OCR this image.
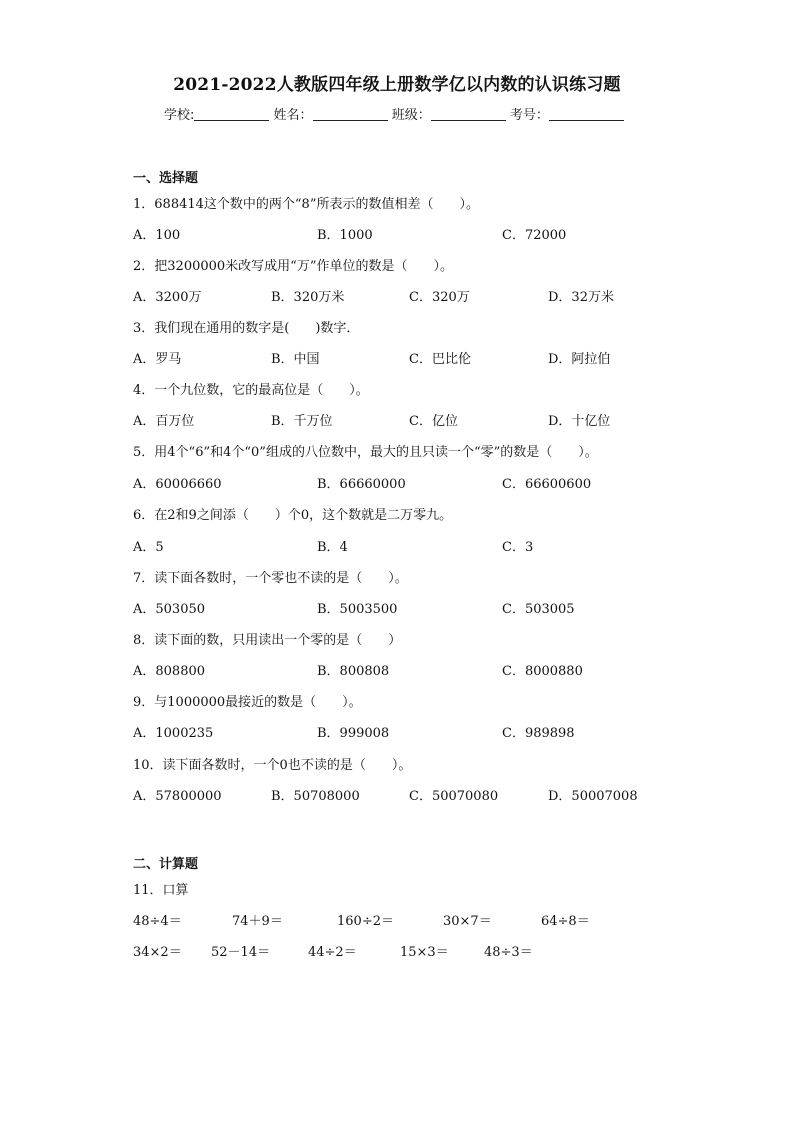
2021-2022人教版四年级上册数学亿以内数的认识练习题
学校:	姓名：	班级：	考号：
一、选择题
1．688414这个数中的两个“8”所表示的数值相差（　　）。
A．100	B．1000	C．72000
2．把3200000米改写成用“万”作单位的数是（　　）。
A．3200万	B．320万米	C．320万	D．32万米
3．我们现在通用的数字是(　　)数字．
A．罗马	B．中国	C．巴比伦	D．阿拉伯
4．一个九位数，它的最高位是（　　）。
A．百万位	B．千万位	C．亿位	D．十亿位
5．用4个“6”和4个“0”组成的八位数中，最大的且只读一个“零”的数是（　　）。
A．60006660	B．66660000	C．66600600
6．在2和9之间添（　　）个0，这个数就是二万零九。
A．5	B．4	C．3
7．读下面各数时，一个零也不读的是（　　）。
A．503050	B．5003500	C．503005
8．读下面的数，只用读出一个零的是（　　）
A．808800	B．800808	C．8000880
9．与1000000最接近的数是（　　）。
A．1000235	B．999008	C．989898
10．读下面各数时，一个0也不读的是（　　）。
A．57800000	B．50708000	C．50070080	D．50007008
二、计算题
11．口算
48÷4＝	74＋9＝	160÷2＝	30×7＝	64÷8＝
34×2＝ 52－14＝	44÷2＝	15×3＝	48÷3＝
